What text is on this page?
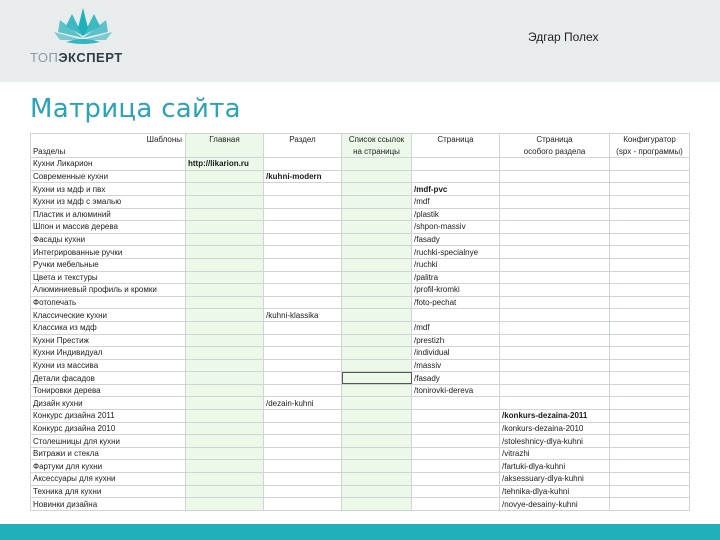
ТОПЭКСПЕРТ
Эдгар Полех
Матрица сайта
Шаблоны	Главная	Раздел	Список ссылок	Страница	Страница	Конфигуратор
Разделы			на страницы		особого раздела	(spx - программы)
Кухни Ликарион	http://likarion.ru					
Современные кухни		/kuhni-modern				
Кухни из мдф и пвх				/mdf-pvc		
Кухни из мдф с эмалью				/mdf		
Пластик и алюминий				/plastik		
Шпон и массив дерева				/shpon-massiv		
Фасады кухни				/fasady		
Интегрированные ручки				/ruchki-specialnye		
Ручки мебельные				/ruchki		
Цвета и текстуры				/palitra		
Алюминиевый профиль и кромки				/profil-kromki		
Фотопечать				/foto-pechat		
Классические кухни		/kuhni-klassika				
Классика из мдф				/mdf		
Кухни Престиж				/prestizh		
Кухни Индивидуал				/individual		
Кухни из массива				/massiv		
Детали фасадов				/fasady		
Тонировки дерева				/tonirovki-dereva		
Дизайн кухни		/dezain-kuhni				
Конкурс дизайна 2011					/konkurs-dezaina-2011	
Конкурс дизайна 2010					/konkurs-dezaina-2010	
Столешницы для кухни					/stoleshnicy-dlya-kuhni	
Витражи и стекла					/vitrazhi	
Фартуки для кухни					/fartuki-dlya-kuhni	
Аксессуары для кухни					/aksessuary-dlya-kuhni	
Техника для кухни					/tehnika-dlya-kuhni	
Новинки дизайна					/novye-desainy-kuhni	
